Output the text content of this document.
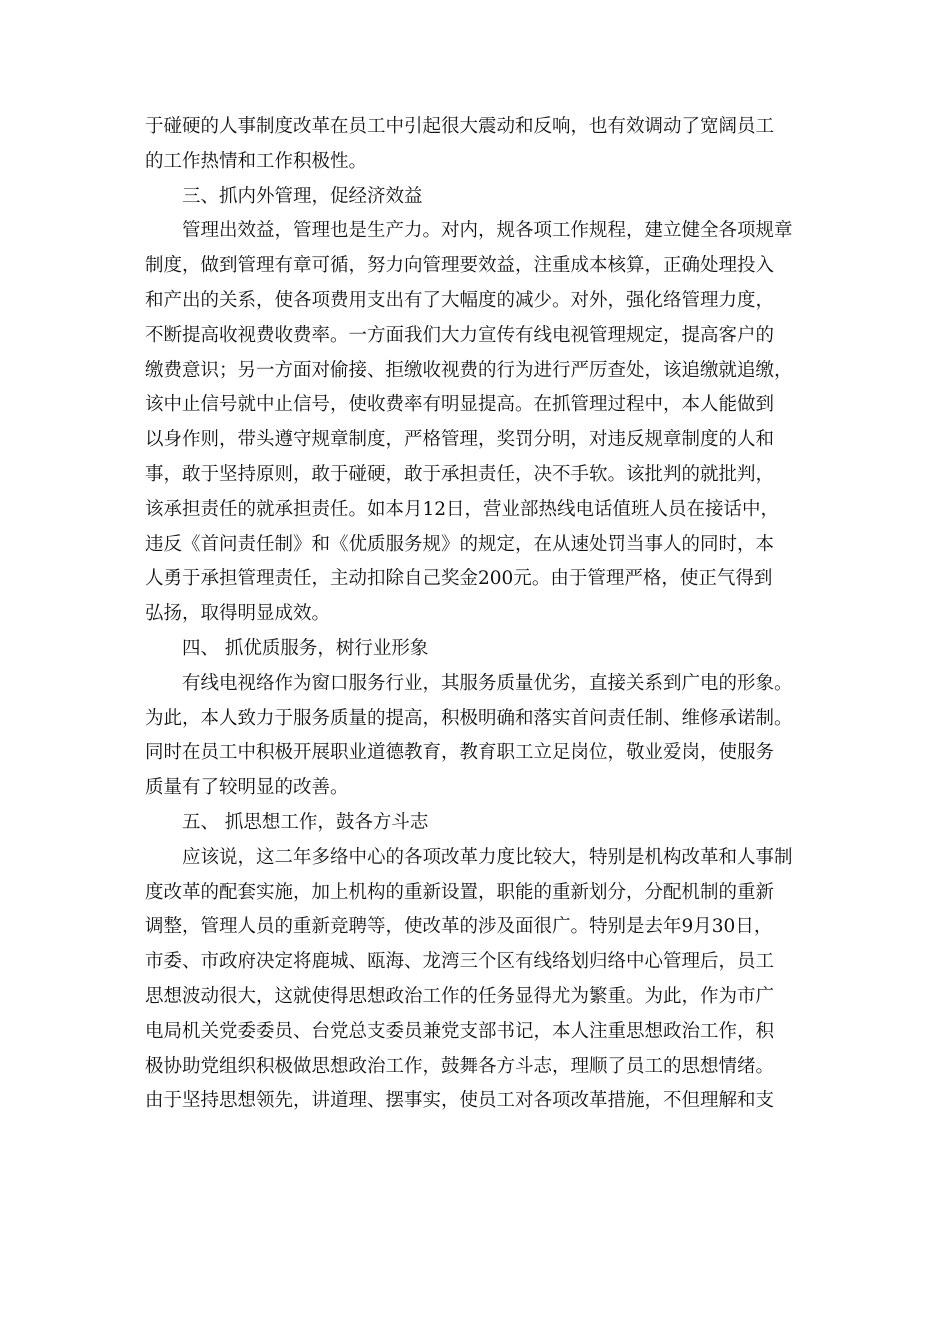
于碰硬的人事制度改革在员工中引起很大震动和反响，也有效调动了宽阔员工
的工作热情和工作积极性。
三、抓内外管理，促经济效益
管理出效益，管理也是生产力。对内，规各项工作规程，建立健全各项规章
制度，做到管理有章可循，努力向管理要效益，注重成本核算，正确处理投入
和产出的关系，使各项费用支出有了大幅度的减少。对外，强化络管理力度，
不断提高收视费收费率。一方面我们大力宣传有线电视管理规定，提高客户的
缴费意识；另一方面对偷接、拒缴收视费的行为进行严厉查处，该追缴就追缴，
该中止信号就中止信号，使收费率有明显提高。在抓管理过程中，本人能做到
以身作则，带头遵守规章制度，严格管理，奖罚分明，对违反规章制度的人和
事，敢于坚持原则，敢于碰硬，敢于承担责任，决不手软。该批判的就批判，
该承担责任的就承担责任。如本月12日，营业部热线电话值班人员在接话中，
违反《首问责任制》和《优质服务规》的规定，在从速处罚当事人的同时，本
人勇于承担管理责任，主动扣除自己奖金200元。由于管理严格，使正气得到
弘扬，取得明显成效。
四、 抓优质服务，树行业形象
有线电视络作为窗口服务行业，其服务质量优劣，直接关系到广电的形象。
为此，本人致力于服务质量的提高，积极明确和落实首问责任制、维修承诺制。
同时在员工中积极开展职业道德教育，教育职工立足岗位，敬业爱岗，使服务
质量有了较明显的改善。
五、 抓思想工作，鼓各方斗志
应该说，这二年多络中心的各项改革力度比较大，特别是机构改革和人事制
度改革的配套实施，加上机构的重新设置，职能的重新划分，分配机制的重新
调整，管理人员的重新竞聘等，使改革的涉及面很广。特别是去年9月30日，
市委、市政府决定将鹿城、瓯海、龙湾三个区有线络划归络中心管理后，员工
思想波动很大，这就使得思想政治工作的任务显得尤为繁重。为此，作为市广
电局机关党委委员、台党总支委员兼党支部书记，本人注重思想政治工作，积
极协助党组织积极做思想政治工作，鼓舞各方斗志，理顺了员工的思想情绪。
由于坚持思想领先，讲道理、摆事实，使员工对各项改革措施，不但理解和支
